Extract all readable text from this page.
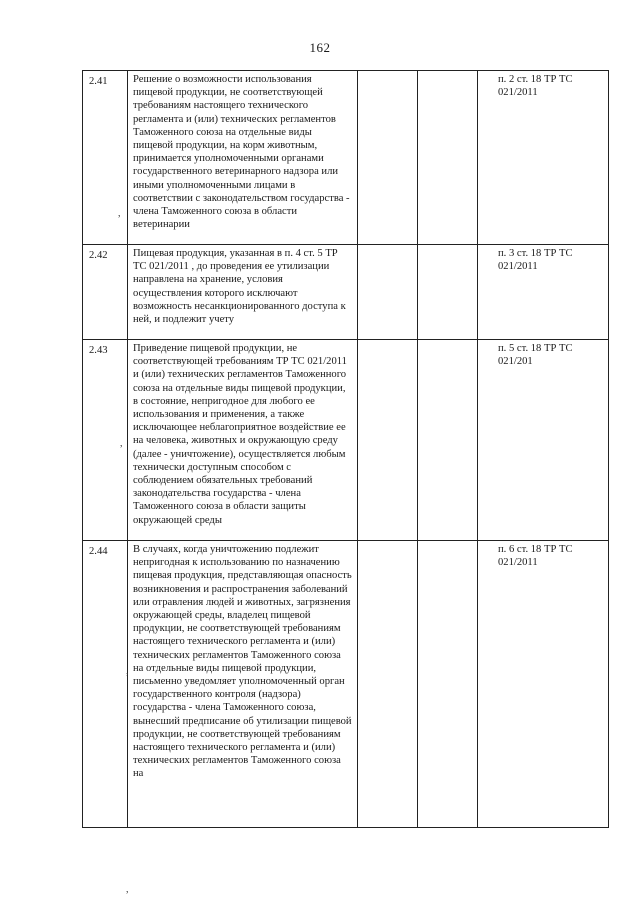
162
2.41	Решение о возможности использования пищевой продукции, не соответствующей требованиям настоящего технического регламента и (или) технических регламентов Таможенного союза на отдельные виды пищевой продукции, на корм животным, принимается уполномоченными органами государственного ветеринарного надзора или иными уполномоченными лицами в соответствии с законодательством государства - члена Таможенного союза в области ветеринарии			п. 2 ст. 18 ТР ТС 021/2011

2.42	Пищевая продукция, указанная в п. 4 ст. 5 ТР ТС 021/2011 , до проведения ее утилизации направлена на хранение, условия осуществления которого исключают возможность несанкционированного доступа к ней, и подлежит учету			п. 3 ст. 18 ТР ТС 021/2011

2.43	Приведение пищевой продукции, не соответствующей требованиям ТР ТС 021/2011 и (или) технических регламентов Таможенного союза на отдельные виды пищевой продукции, в состояние, непригодное для любого ее использования и применения, а также исключающее неблагоприятное воздействие ее на человека, животных и окружающую среду (далее - уничтожение), осуществляется любым технически доступным способом с соблюдением обязательных требований законодательства государства - члена Таможенного союза в области защиты окружающей среды			п. 5 ст. 18 ТР ТС 021/201

2.44	В случаях, когда уничтожению подлежит непригодная к использованию по назначению пищевая продукция, представляющая опасность возникновения и распространения заболеваний или отравления людей и животных, загрязнения окружающей среды, владелец пищевой продукции, не соответствующей требованиям настоящего технического регламента и (или) технических регламентов Таможенного союза на отдельные виды пищевой продукции, письменно уведомляет уполномоченный орган государственного контроля (надзора) государства - члена Таможенного союза, вынесший предписание об утилизации пищевой продукции, не соответствующей требованиям настоящего технического регламента и (или) технических регламентов Таможенного союза на			п. 6 ст. 18 ТР ТС 021/2011
,
,
,
,
